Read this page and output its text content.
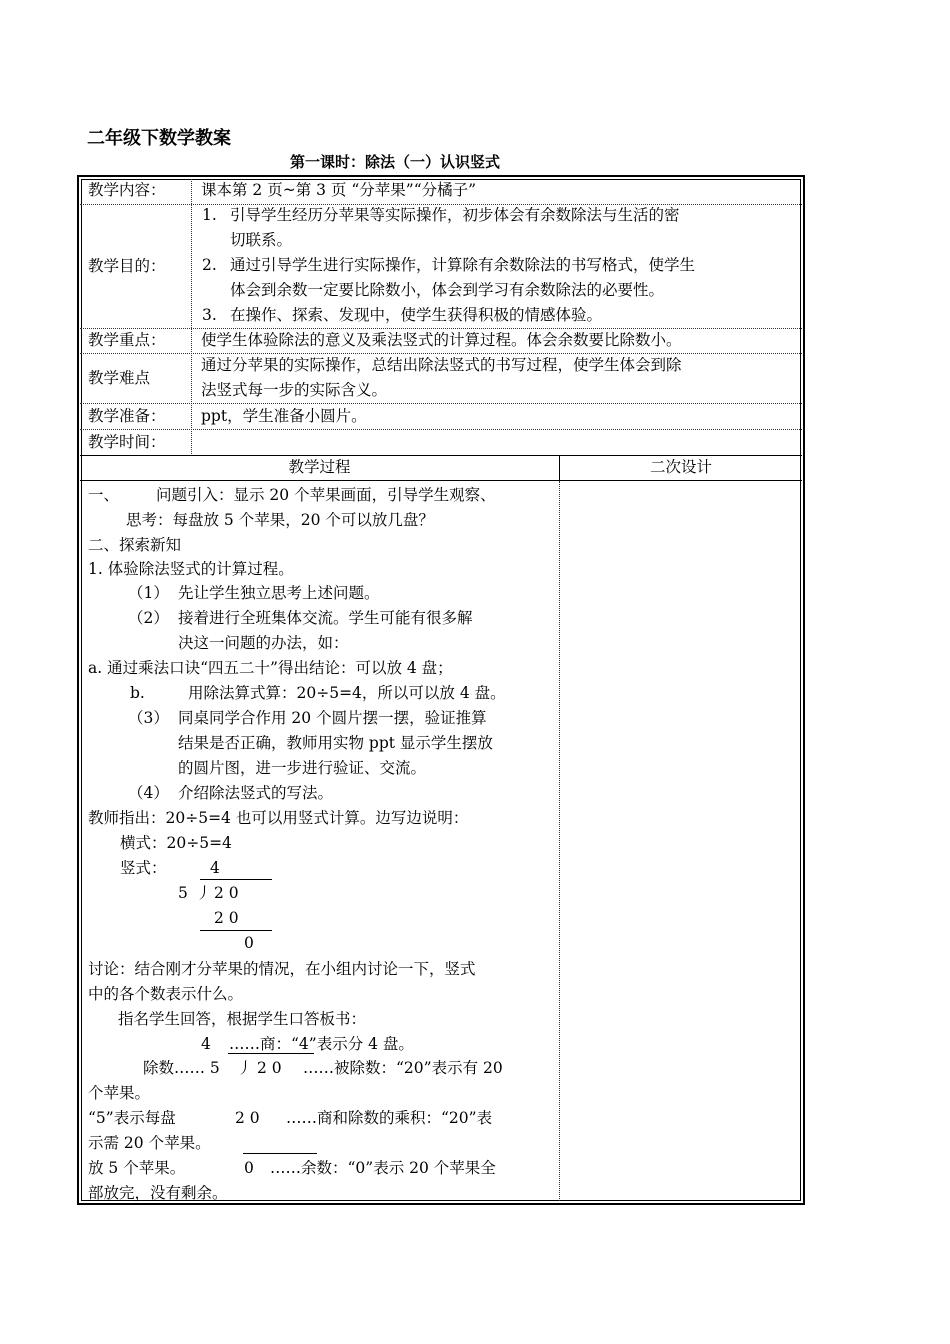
二年级下数学教案
第一课时：除法（一）认识竖式
教学内容： 课本第 2 页~第 3 页 “分苹果”“分橘子”
教学目的：
1. 引导学生经历分苹果等实际操作，初步体会有余数除法与生活的密
切联系。
2. 通过引导学生进行实际操作，计算除有余数除法的书写格式，使学生
体会到余数一定要比除数小，体会到学习有余数除法的必要性。
3. 在操作、探索、发现中，使学生获得积极的情感体验。
教学重点： 使学生体验除法的意义及乘法竖式的计算过程。体会余数要比除数小。
教学难点
通过分苹果的实际操作，总结出除法竖式的书写过程，使学生体会到除
法竖式每一步的实际含义。
教学准备： ppt，学生准备小圆片。
教学时间：
教学过程	二次设计
一、 问题引入：显示 20 个苹果画面，引导学生观察、
思考：每盘放 5 个苹果，20 个可以放几盘？
二、探索新知
1. 体验除法竖式的计算过程。
（1） 先让学生独立思考上述问题。
（2） 接着进行全班集体交流。学生可能有很多解
决这一问题的办法，如：
a. 通过乘法口诀“四五二十”得出结论：可以放 4 盘；
b.	用除法算式算：20÷5=4，所以可以放 4 盘。
（3） 同桌同学合作用 20 个圆片摆一摆，验证推算
结果是否正确，教师用实物 ppt 显示学生摆放
的圆片图，进一步进行验证、交流。
（4） 介绍除法竖式的写法。
教师指出：20÷5=4 也可以用竖式计算。边写边说明：
横式：20÷5=4
竖式：	4
5 丿 2 0
2 0
0
讨论：结合刚才分苹果的情况，在小组内讨论一下，竖式
中的各个数表示什么。
指名学生回答，根据学生口答板书：
4 ……商：“4”表示分 4 盘。
除数…… 5 丿 2 0 ……被除数：“20”表示有 20
个苹果。
“5”表示每盘	2 0 ……商和除数的乘积：“20”表
示需 20 个苹果。
放 5 个苹果。	0 ……余数：“0”表示 20 个苹果全
部放完，没有剩余。
